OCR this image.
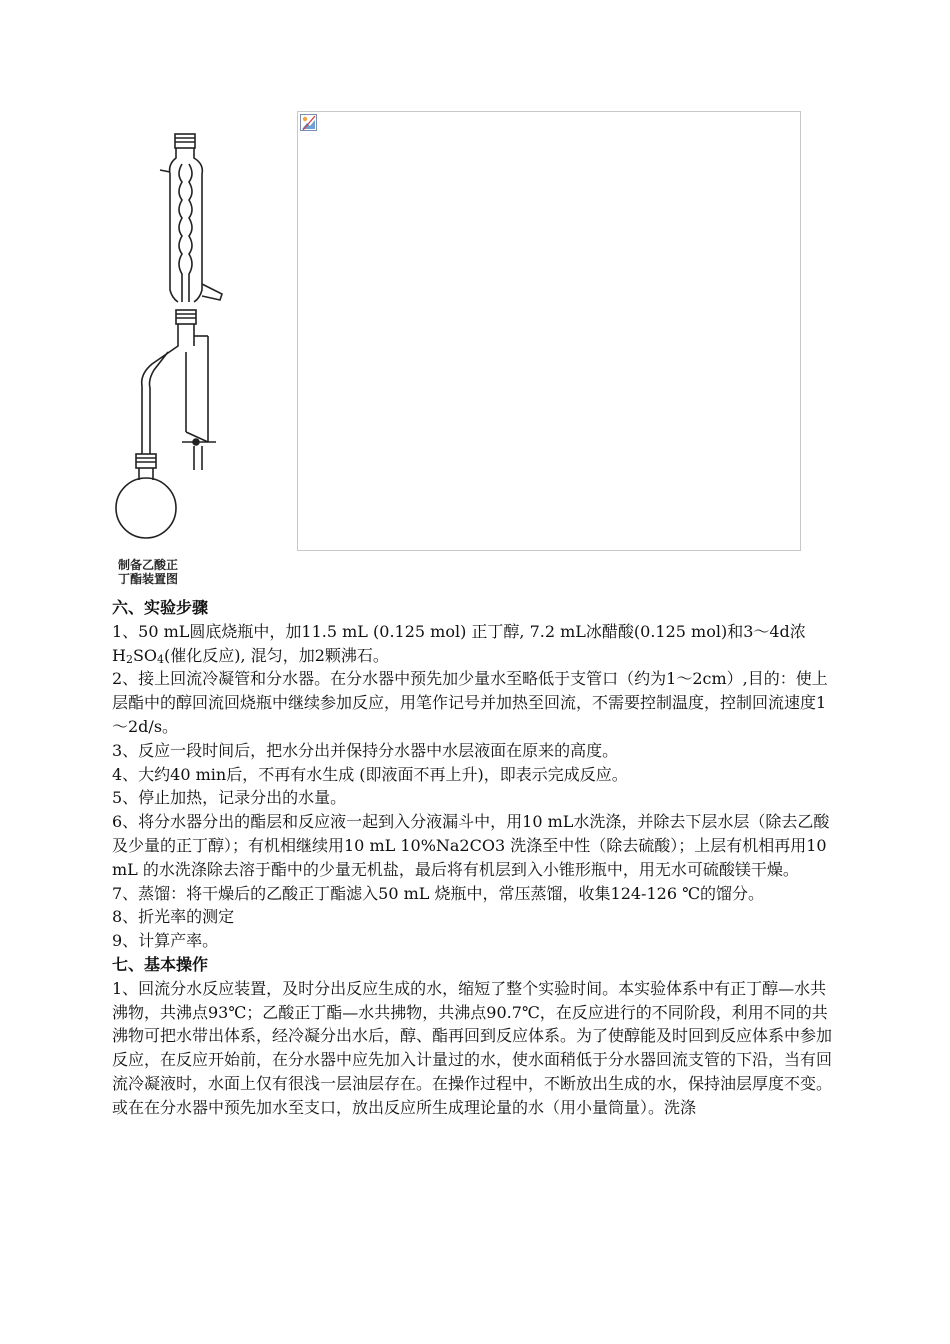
制备乙酸正
丁酯装置图

六、实验步骤

1、50 mL圆底烧瓶中，加11.5 mL (0.125 mol) 正丁醇, 7.2 mL冰醋酸(0.125 mol)和3～4d浓$H_2SO_4$(催化反应), 混匀，加2颗沸石。

2、接上回流冷凝管和分水器。在分水器中预先加少量水至略低于支管口（约为1～2cm）,目的：使上层酯中的醇回流回烧瓶中继续参加反应，用笔作记号并加热至回流，不需要控制温度，控制回流速度1～2d/s。

3、反应一段时间后，把水分出并保持分水器中水层液面在原来的高度。

4、大约40 min后，不再有水生成 (即液面不再上升)，即表示完成反应。

5、停止加热，记录分出的水量。

6、将分水器分出的酯层和反应液一起到入分液漏斗中，用10 mL水洗涤，并除去下层水层（除去乙酸及少量的正丁醇）；有机相继续用10 mL 10%Na2CO3 洗涤至中性（除去硫酸）；上层有机相再用10 mL 的水洗涤除去溶于酯中的少量无机盐，最后将有机层到入小锥形瓶中，用无水可硫酸镁干燥。

7、蒸馏：将干燥后的乙酸正丁酯滤入50 mL 烧瓶中，常压蒸馏，收集124-126 ℃的馏分。

8、折光率的测定

9、计算产率。

七、基本操作

1、回流分水反应装置，及时分出反应生成的水，缩短了整个实验时间。本实验体系中有正丁醇—水共沸物，共沸点93℃；乙酸正丁酯—水共拂物，共沸点90.7℃，在反应进行的不同阶段，利用不同的共沸物可把水带出体系，经冷凝分出水后，醇、酯再回到反应体系。为了使醇能及时回到反应体系中参加反应，在反应开始前，在分水器中应先加入计量过的水，使水面稍低于分水器回流支管的下沿，当有回流冷凝液时，水面上仅有很浅一层油层存在。在操作过程中，不断放出生成的水，保持油层厚度不变。或在在分水器中预先加水至支口，放出反应所生成理论量的水（用小量筒量）。洗涤
